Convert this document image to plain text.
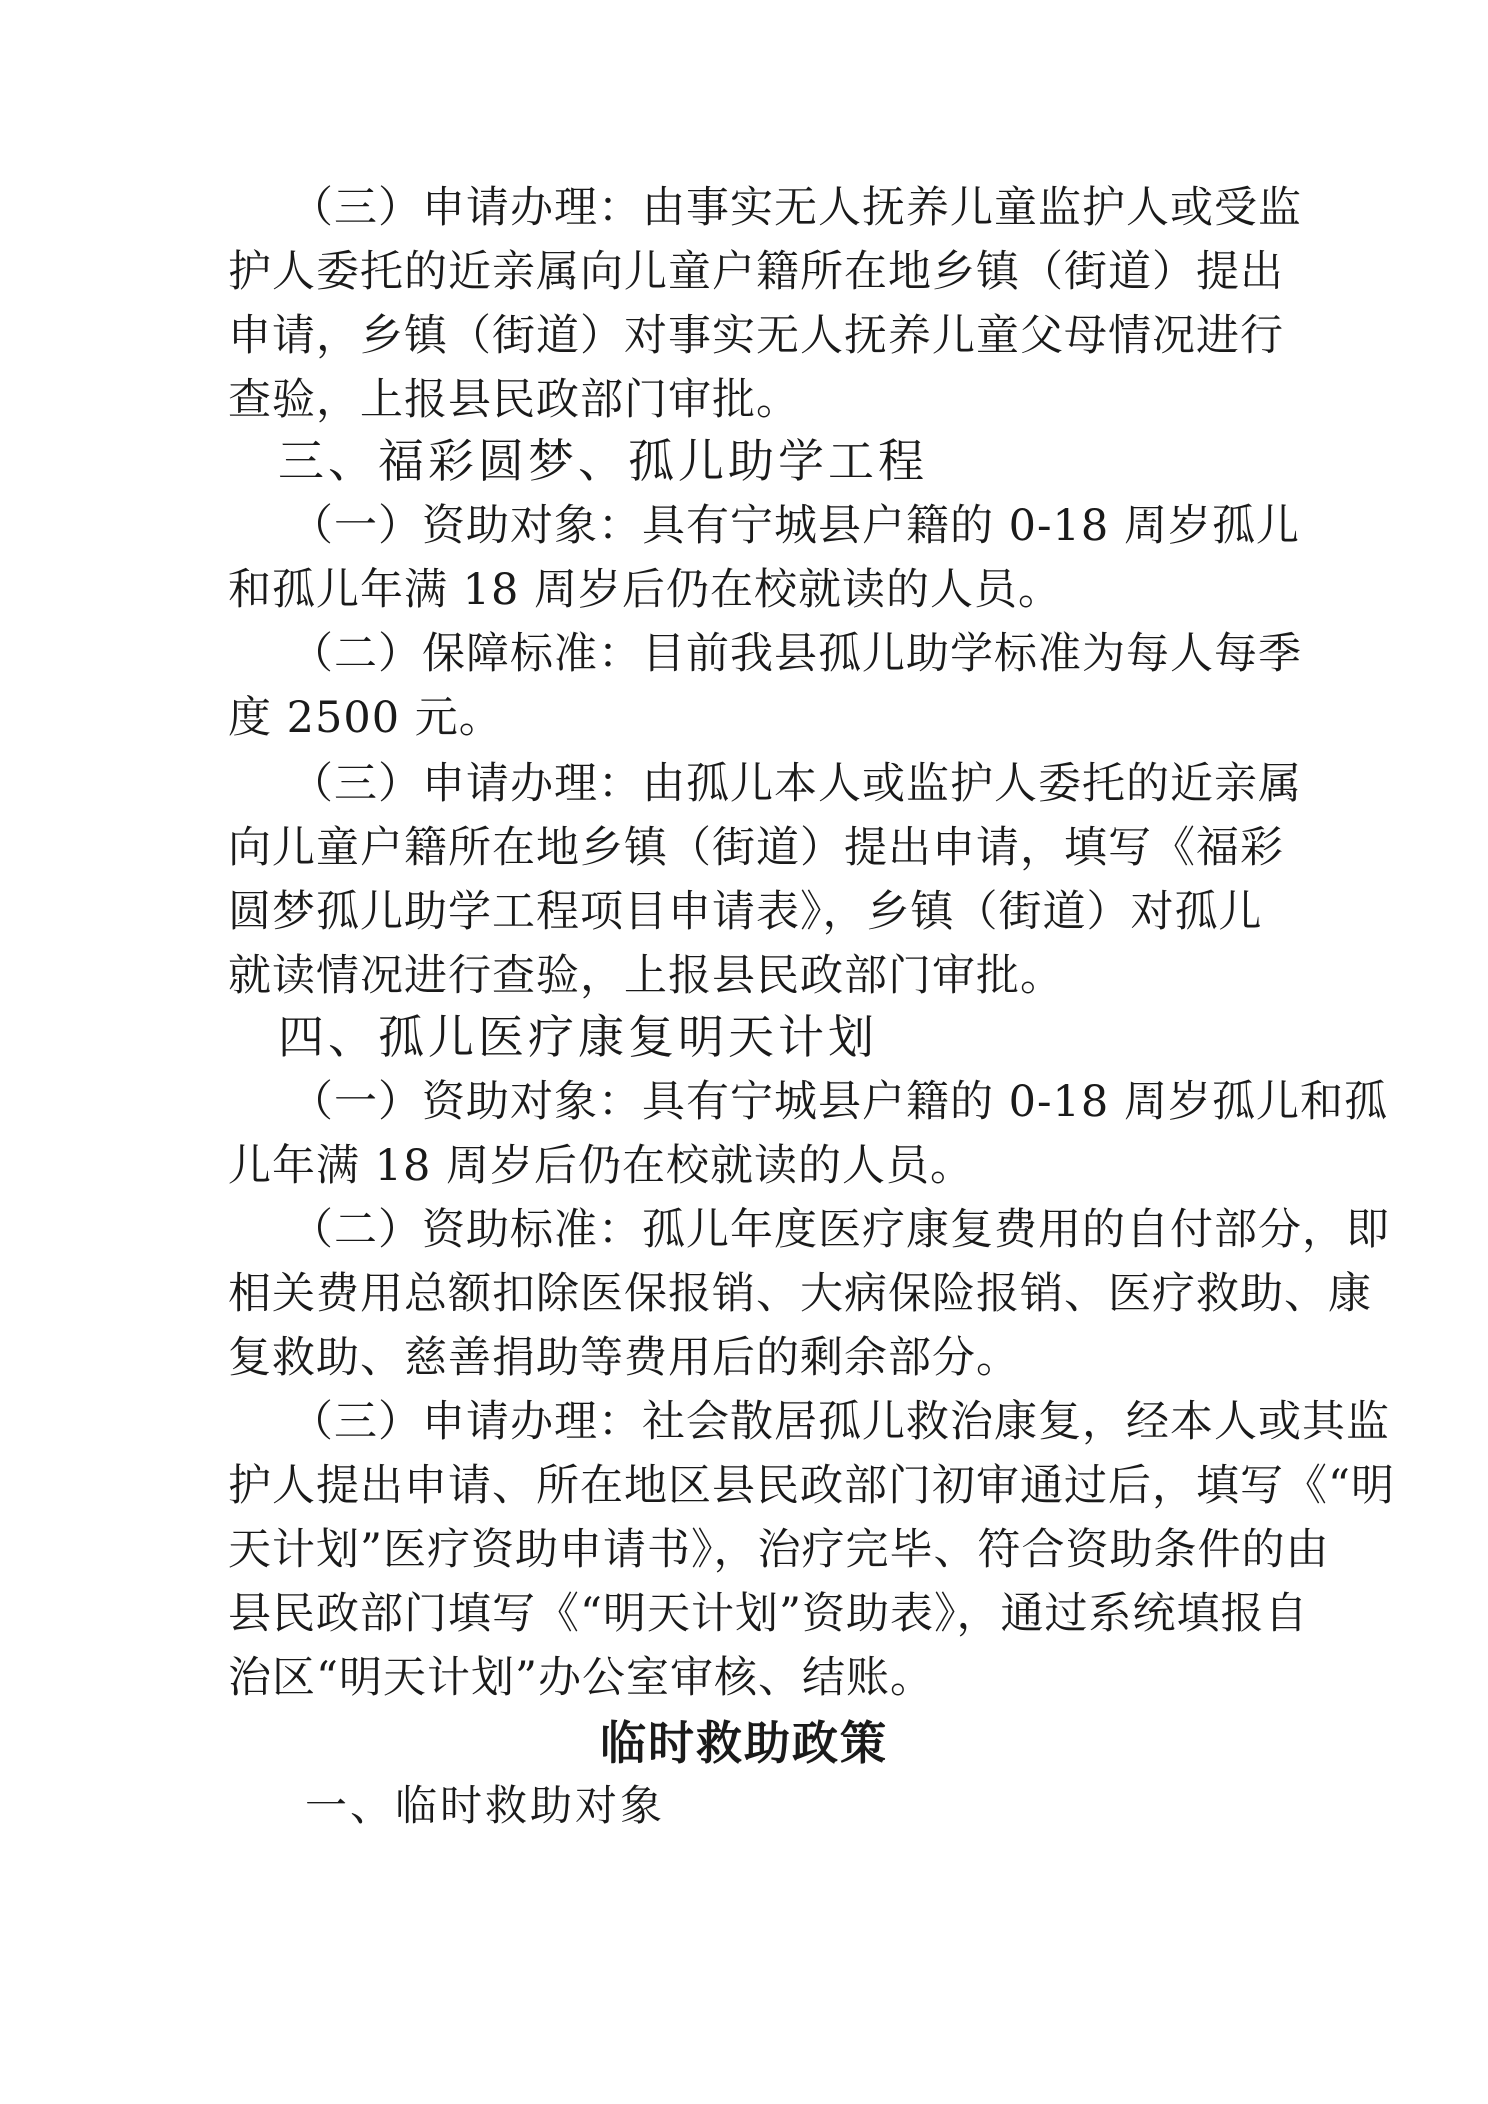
（三）申请办理：由事实无人抚养儿童监护人或受监
护人委托的近亲属向儿童户籍所在地乡镇（街道）提出
申请，乡镇（街道）对事实无人抚养儿童父母情况进行
查验，上报县民政部门审批。
三、福彩圆梦、孤儿助学工程
（一）资助对象：具有宁城县户籍的 0-18 周岁孤儿
和孤儿年满 18 周岁后仍在校就读的人员。
（二）保障标准：目前我县孤儿助学标准为每人每季
度 2500 元。
（三）申请办理：由孤儿本人或监护人委托的近亲属
向儿童户籍所在地乡镇（街道）提出申请，填写《福彩
圆梦孤儿助学工程项目申请表》，乡镇（街道）对孤儿
就读情况进行查验，上报县民政部门审批。
四、孤儿医疗康复明天计划
（一）资助对象：具有宁城县户籍的 0-18 周岁孤儿和孤
儿年满 18 周岁后仍在校就读的人员。
（二）资助标准：孤儿年度医疗康复费用的自付部分，即
相关费用总额扣除医保报销、大病保险报销、医疗救助、康
复救助、慈善捐助等费用后的剩余部分。
（三）申请办理：社会散居孤儿救治康复，经本人或其监
护人提出申请、所在地区县民政部门初审通过后，填写《“明
天计划”医疗资助申请书》，治疗完毕、符合资助条件的由
县民政部门填写《“明天计划”资助表》，通过系统填报自
治区“明天计划”办公室审核、结账。
临时救助政策
一、临时救助对象
